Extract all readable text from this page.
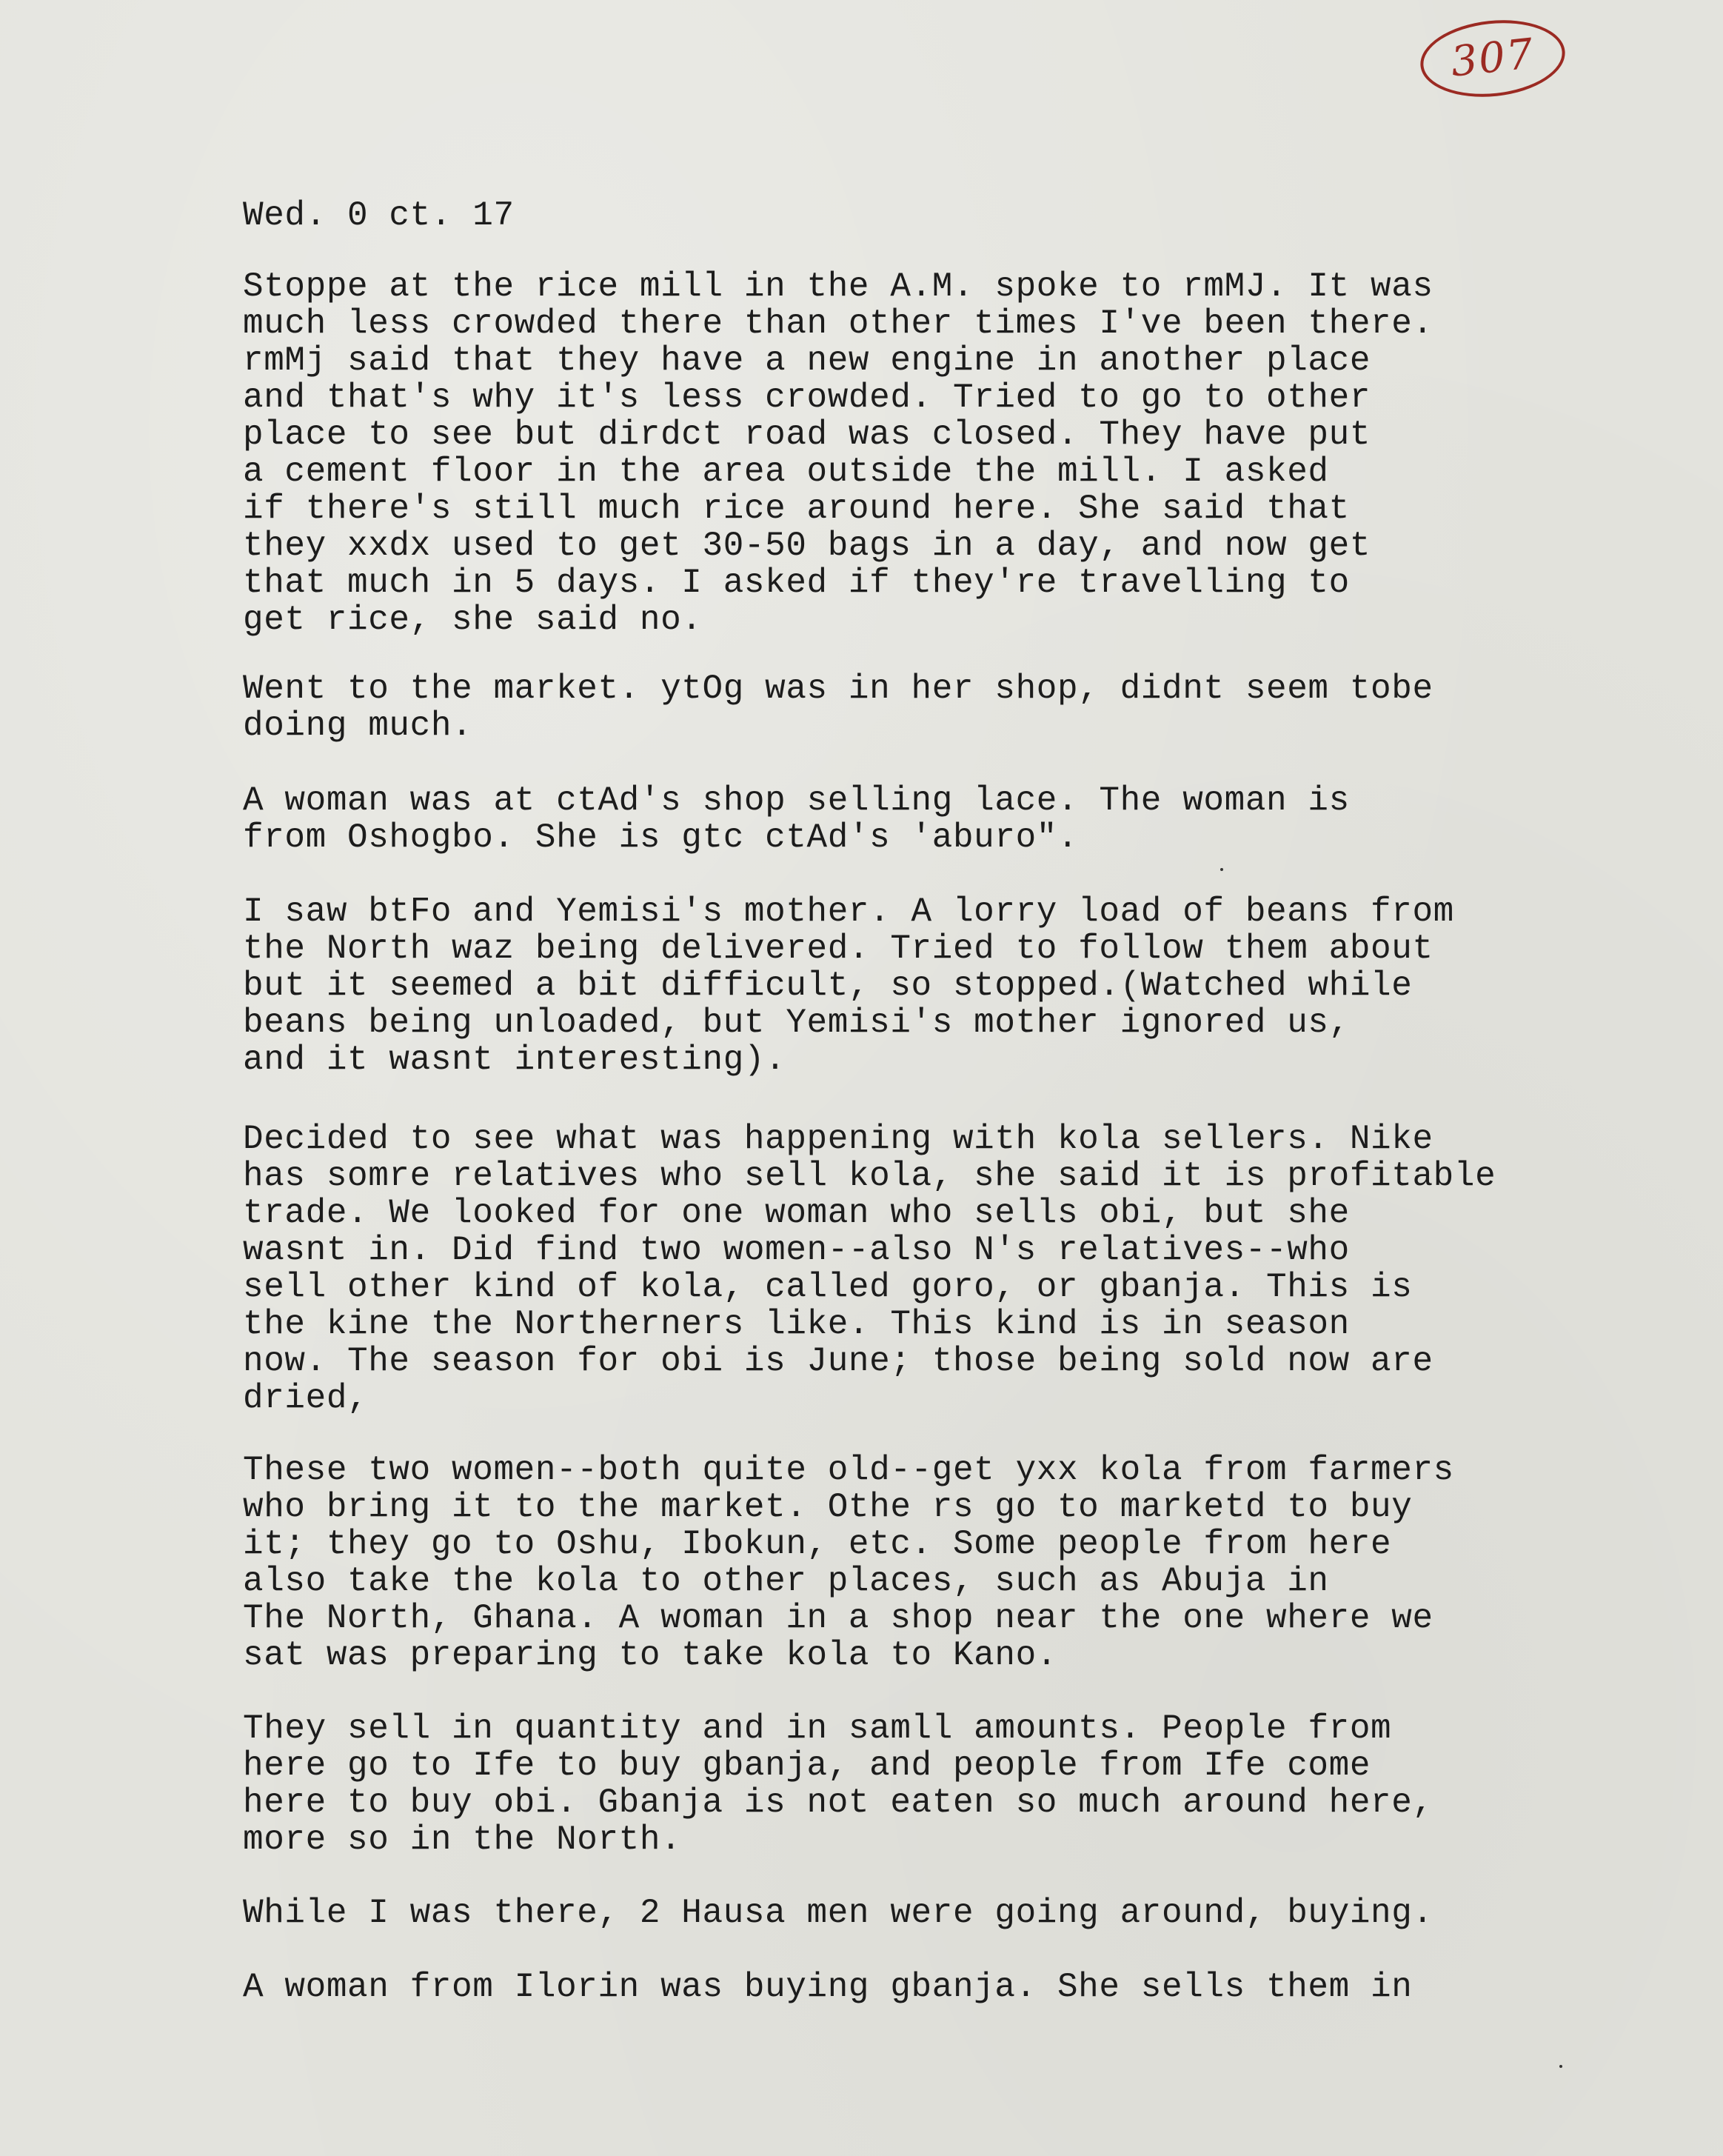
307

Wed. 0 ct. 17

Stoppe at the rice mill in the A.M. spoke to rmMJ. It was
much less crowded there than other times I've been there.
rmMj said that they have a new engine in another place
and that's why it's less crowded. Tried to go to other
place to see but dirdct road was closed. They have put
a cement floor in the area outside the mill. I asked
if there's still much rice around here. She said that
they xxdx used to get 30-50 bags in a day, and now get
that much in 5 days. I asked if they're travelling to
get rice, she said no.

Went to the market. ytOg was in her shop, didnt seem tobe
doing much.

A woman was at ctAd's shop selling lace. The woman is
from Oshogbo. She is gtc ctAd's 'aburo".

I saw btFo and Yemisi's mother. A lorry load of beans from
the North waz being delivered. Tried to follow them about
but it seemed a bit difficult, so stopped.(Watched while
beans being unloaded, but Yemisi's mother ignored us,
and it wasnt interesting).

Decided to see what was happening with kola sellers. Nike
has somre relatives who sell kola, she said it is profitable
trade. We looked for one woman who sells obi, but she
wasnt in. Did find two women--also N's relatives--who
sell other kind of kola, called goro, or gbanja. This is
the kine the Northerners like. This kind is in season
now. The season for obi is June; those being sold now are
dried,

These two women--both quite old--get yxx kola from farmers
who bring it to the market. Othe rs go to marketd to buy
it; they go to Oshu, Ibokun, etc. Some people from here
also take the kola to other places, such as Abuja in
The North, Ghana. A woman in a shop near the one where we
sat was preparing to take kola to Kano.

They sell in quantity and in samll amounts. People from
here go to Ife to buy gbanja, and people from Ife come
here to buy obi. Gbanja is not eaten so much around here,
more so in the North.

While I was there, 2 Hausa men were going around, buying.

A woman from Ilorin was buying gbanja. She sells them in
